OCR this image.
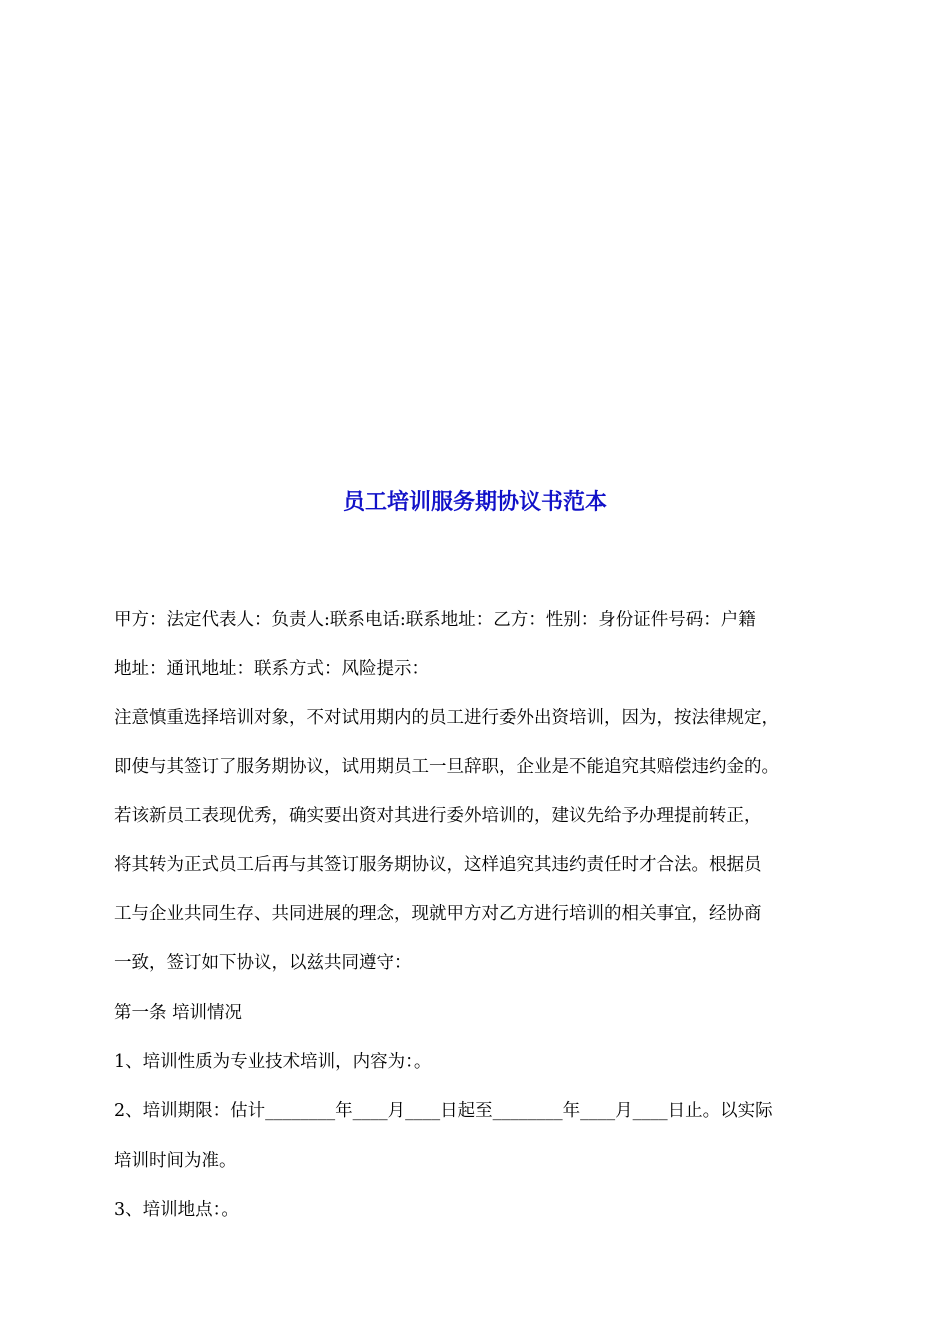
员工培训服务期协议书范本

甲方：法定代表人：负责人:联系电话:联系地址：乙方：性别：身份证件号码：户籍

地址：通讯地址：联系方式：风险提示：

注意慎重选择培训对象，不对试用期内的员工进行委外出资培训，因为，按法律规定，

即使与其签订了服务期协议，试用期员工一旦辞职，企业是不能追究其赔偿违约金的。

若该新员工表现优秀，确实要出资对其进行委外培训的，建议先给予办理提前转正，

将其转为正式员工后再与其签订服务期协议，这样追究其违约责任时才合法。根据员

工与企业共同生存、共同进展的理念，现就甲方对乙方进行培训的相关事宜，经协商

一致，签订如下协议，以兹共同遵守：

第一条 培训情况

1、培训性质为专业技术培训，内容为：。

2、培训期限：估计________年____月____日起至________年____月____日止。以实际

培训时间为准。

3、培训地点：。
